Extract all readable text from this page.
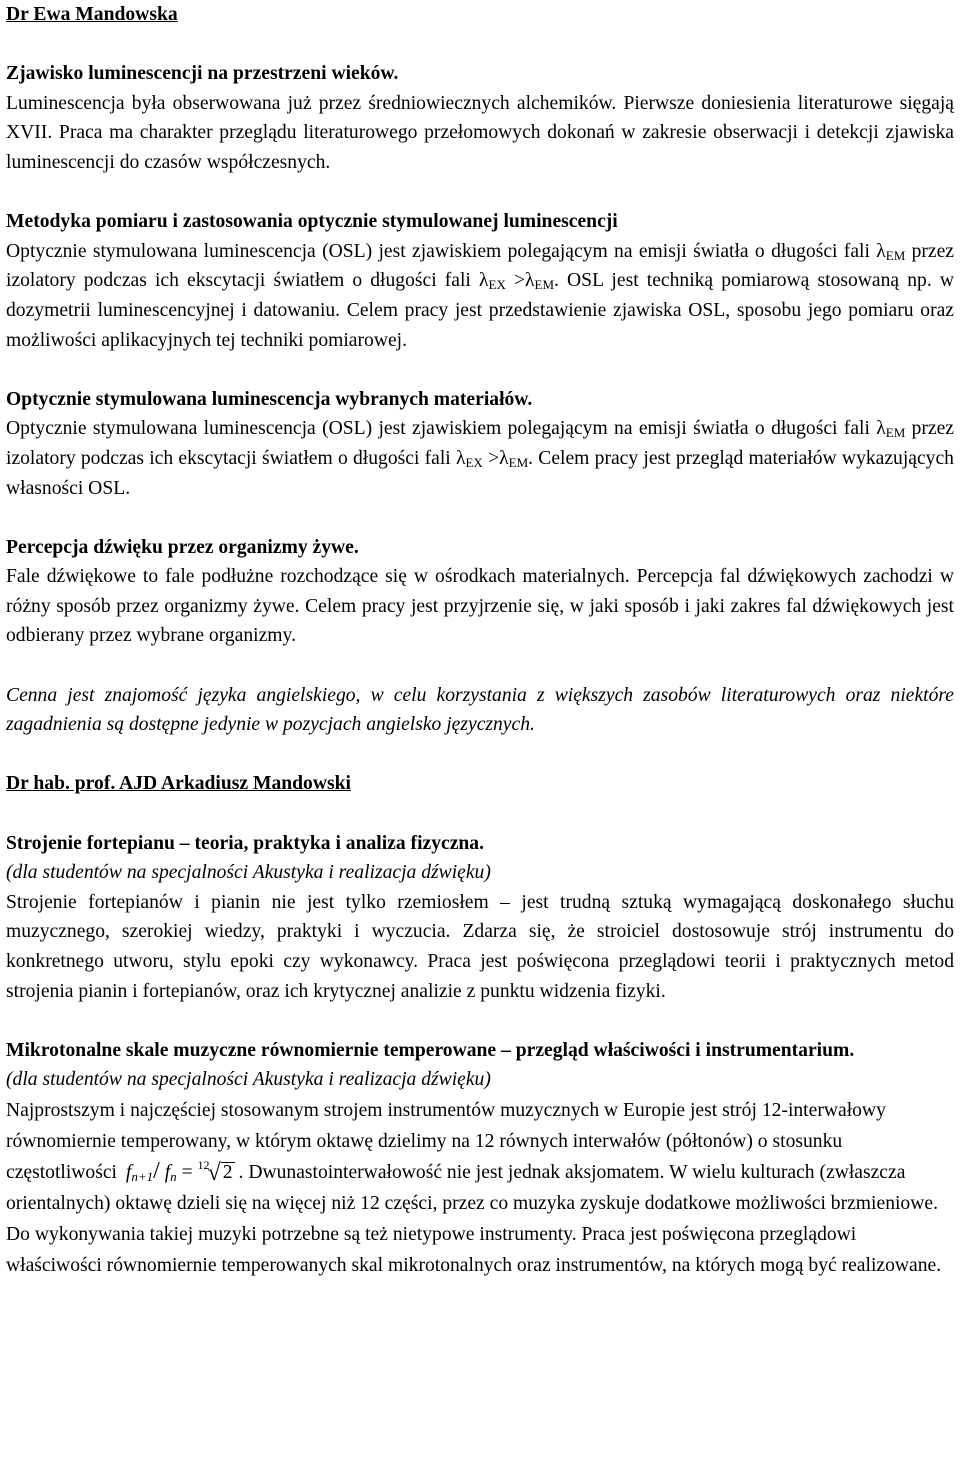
Dr Ewa Mandowska

Zjawisko luminescencji na przestrzeni wieków.

Luminescencja była obserwowana już przez średniowiecznych alchemików. Pierwsze doniesienia literaturowe sięgają XVII. Praca ma charakter przeglądu literaturowego przełomowych dokonań w zakresie obserwacji i detekcji zjawiska luminescencji do czasów współczesnych.

Metodyka pomiaru i zastosowania optycznie stymulowanej luminescencji

Optycznie stymulowana luminescencja (OSL) jest zjawiskiem polegającym na emisji światła o długości fali $\lambda_{EM}$ przez izolatory podczas ich ekscytacji światłem o długości fali $\lambda_{EX} >\lambda_{EM}$. OSL jest techniką pomiarową stosowaną np. w dozymetrii luminescencyjnej i datowaniu. Celem pracy jest przedstawienie zjawiska OSL, sposobu jego pomiaru oraz możliwości aplikacyjnych tej techniki pomiarowej.

Optycznie stymulowana luminescencja wybranych materiałów.

Optycznie stymulowana luminescencja (OSL) jest zjawiskiem polegającym na emisji światła o długości fali $\lambda_{EM}$ przez izolatory podczas ich ekscytacji światłem o długości fali $\lambda_{EX} >\lambda_{EM}$. Celem pracy jest przegląd materiałów wykazujących własności OSL.

Percepcja dźwięku przez organizmy żywe.

Fale dźwiękowe to fale podłużne rozchodzące się w ośrodkach materialnych. Percepcja fal dźwiękowych zachodzi w różny sposób przez organizmy żywe. Celem pracy jest przyjrzenie się, w jaki sposób i jaki zakres fal dźwiękowych jest odbierany przez wybrane organizmy.

Cenna jest znajomość języka angielskiego, w celu korzystania z większych zasobów literaturowych oraz niektóre zagadnienia są dostępne jedynie w pozycjach angielsko języcznych.

Dr hab. prof. AJD Arkadiusz Mandowski

Strojenie fortepianu – teoria, praktyka i analiza fizyczna.

(dla studentów na specjalności Akustyka i realizacja dźwięku)

Strojenie fortepianów i pianin nie jest tylko rzemiosłem – jest trudną sztuką wymagającą doskonałego słuchu muzycznego, szerokiej wiedzy, praktyki i wyczucia. Zdarza się, że stroiciel dostosowuje strój instrumentu do konkretnego utworu, stylu epoki czy wykonawcy. Praca jest poświęcona przeglądowi teorii i praktycznych metod strojenia pianin i fortepianów, oraz ich krytycznej analizie z punktu widzenia fizyki.

Mikrotonalne skale muzyczne równomiernie temperowane – przegląd właściwości i instrumentarium.

(dla studentów na specjalności Akustyka i realizacja dźwięku)

Najprostszym i najczęściej stosowanym strojem instrumentów muzycznych w Europie jest strój 12-interwałowy równomiernie temperowany, w którym oktawę dzielimy na 12 równych interwałów (półtonów) o stosunku częstotliwości $f_{n+1}/$ $f_n = ^{12}√$ 2 . Dwunastointerwałowość nie jest jednak aksjomatem. W wielu kulturach (zwłaszcza orientalnych) oktawę dzieli się na więcej niż 12 części, przez co muzyka zyskuje dodatkowe możliwości brzmieniowe. Do wykonywania takiej muzyki potrzebne są też nietypowe instrumenty. Praca jest poświęcona przeglądowi właściwości równomiernie temperowanych skal mikrotonalnych oraz instrumentów, na których mogą być realizowane.
